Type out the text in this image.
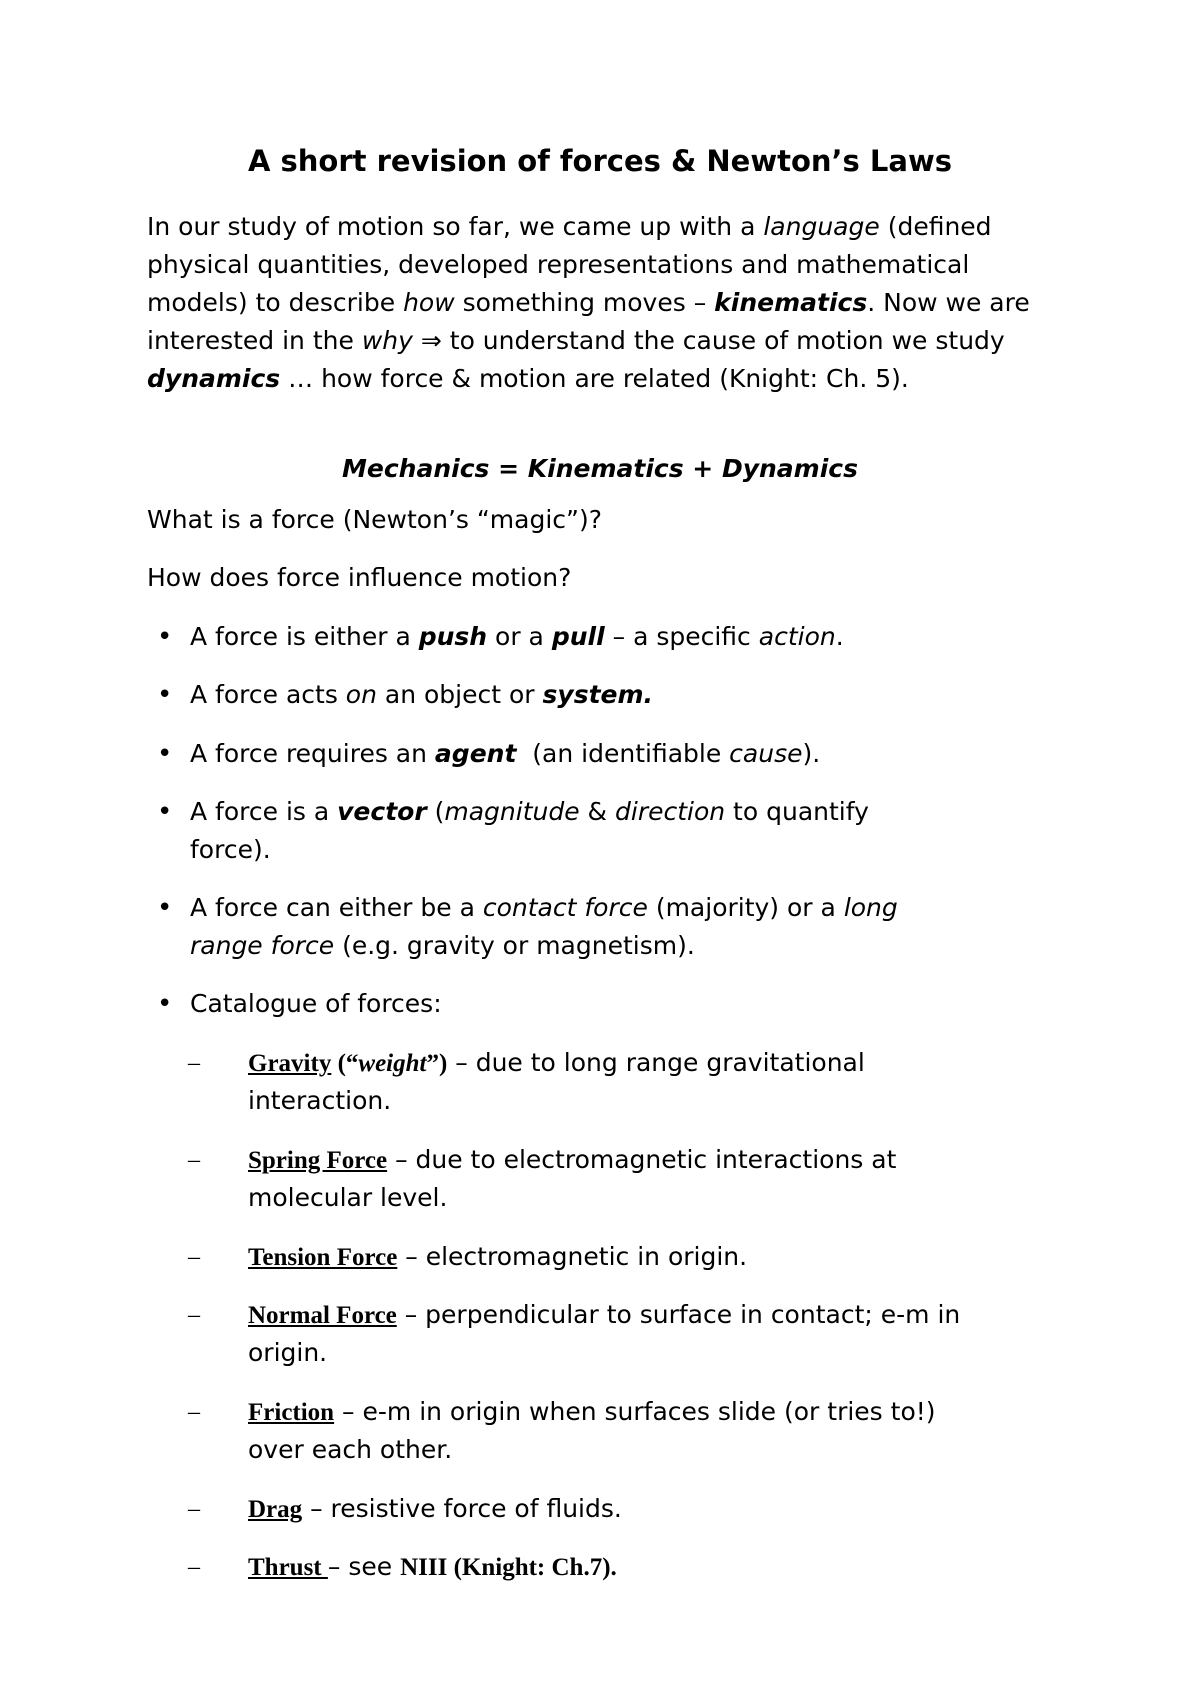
A short revision of forces & Newton’s Laws
In our study of motion so far, we came up with a language (defined physical quantities, developed representations and mathematical models) to describe how something moves – kinematics. Now we are interested in the why ⇒ to understand the cause of motion we study dynamics … how force & motion are related (Knight: Ch. 5).
Mechanics = Kinematics + Dynamics
What is a force (Newton’s “magic”)?
How does force influence motion?
• A force is either a push or a pull – a specific action.
• A force acts on an object or system.
• A force requires an agent  (an identifiable cause).
• A force is a vector (magnitude & direction to quantify
force).
• A force can either be a contact force (majority) or a long
range force (e.g. gravity or magnetism).
• Catalogue of forces:
– Gravity (“weight”) – due to long range gravitational
interaction.
– Spring Force – due to electromagnetic interactions at
molecular level.
– Tension Force – electromagnetic in origin.
– Normal Force – perpendicular to surface in contact; e-m in
origin.
– Friction – e-m in origin when surfaces slide (or tries to!)
over each other.
– Drag – resistive force of fluids.
– Thrust – see NIII (Knight: Ch.7).
